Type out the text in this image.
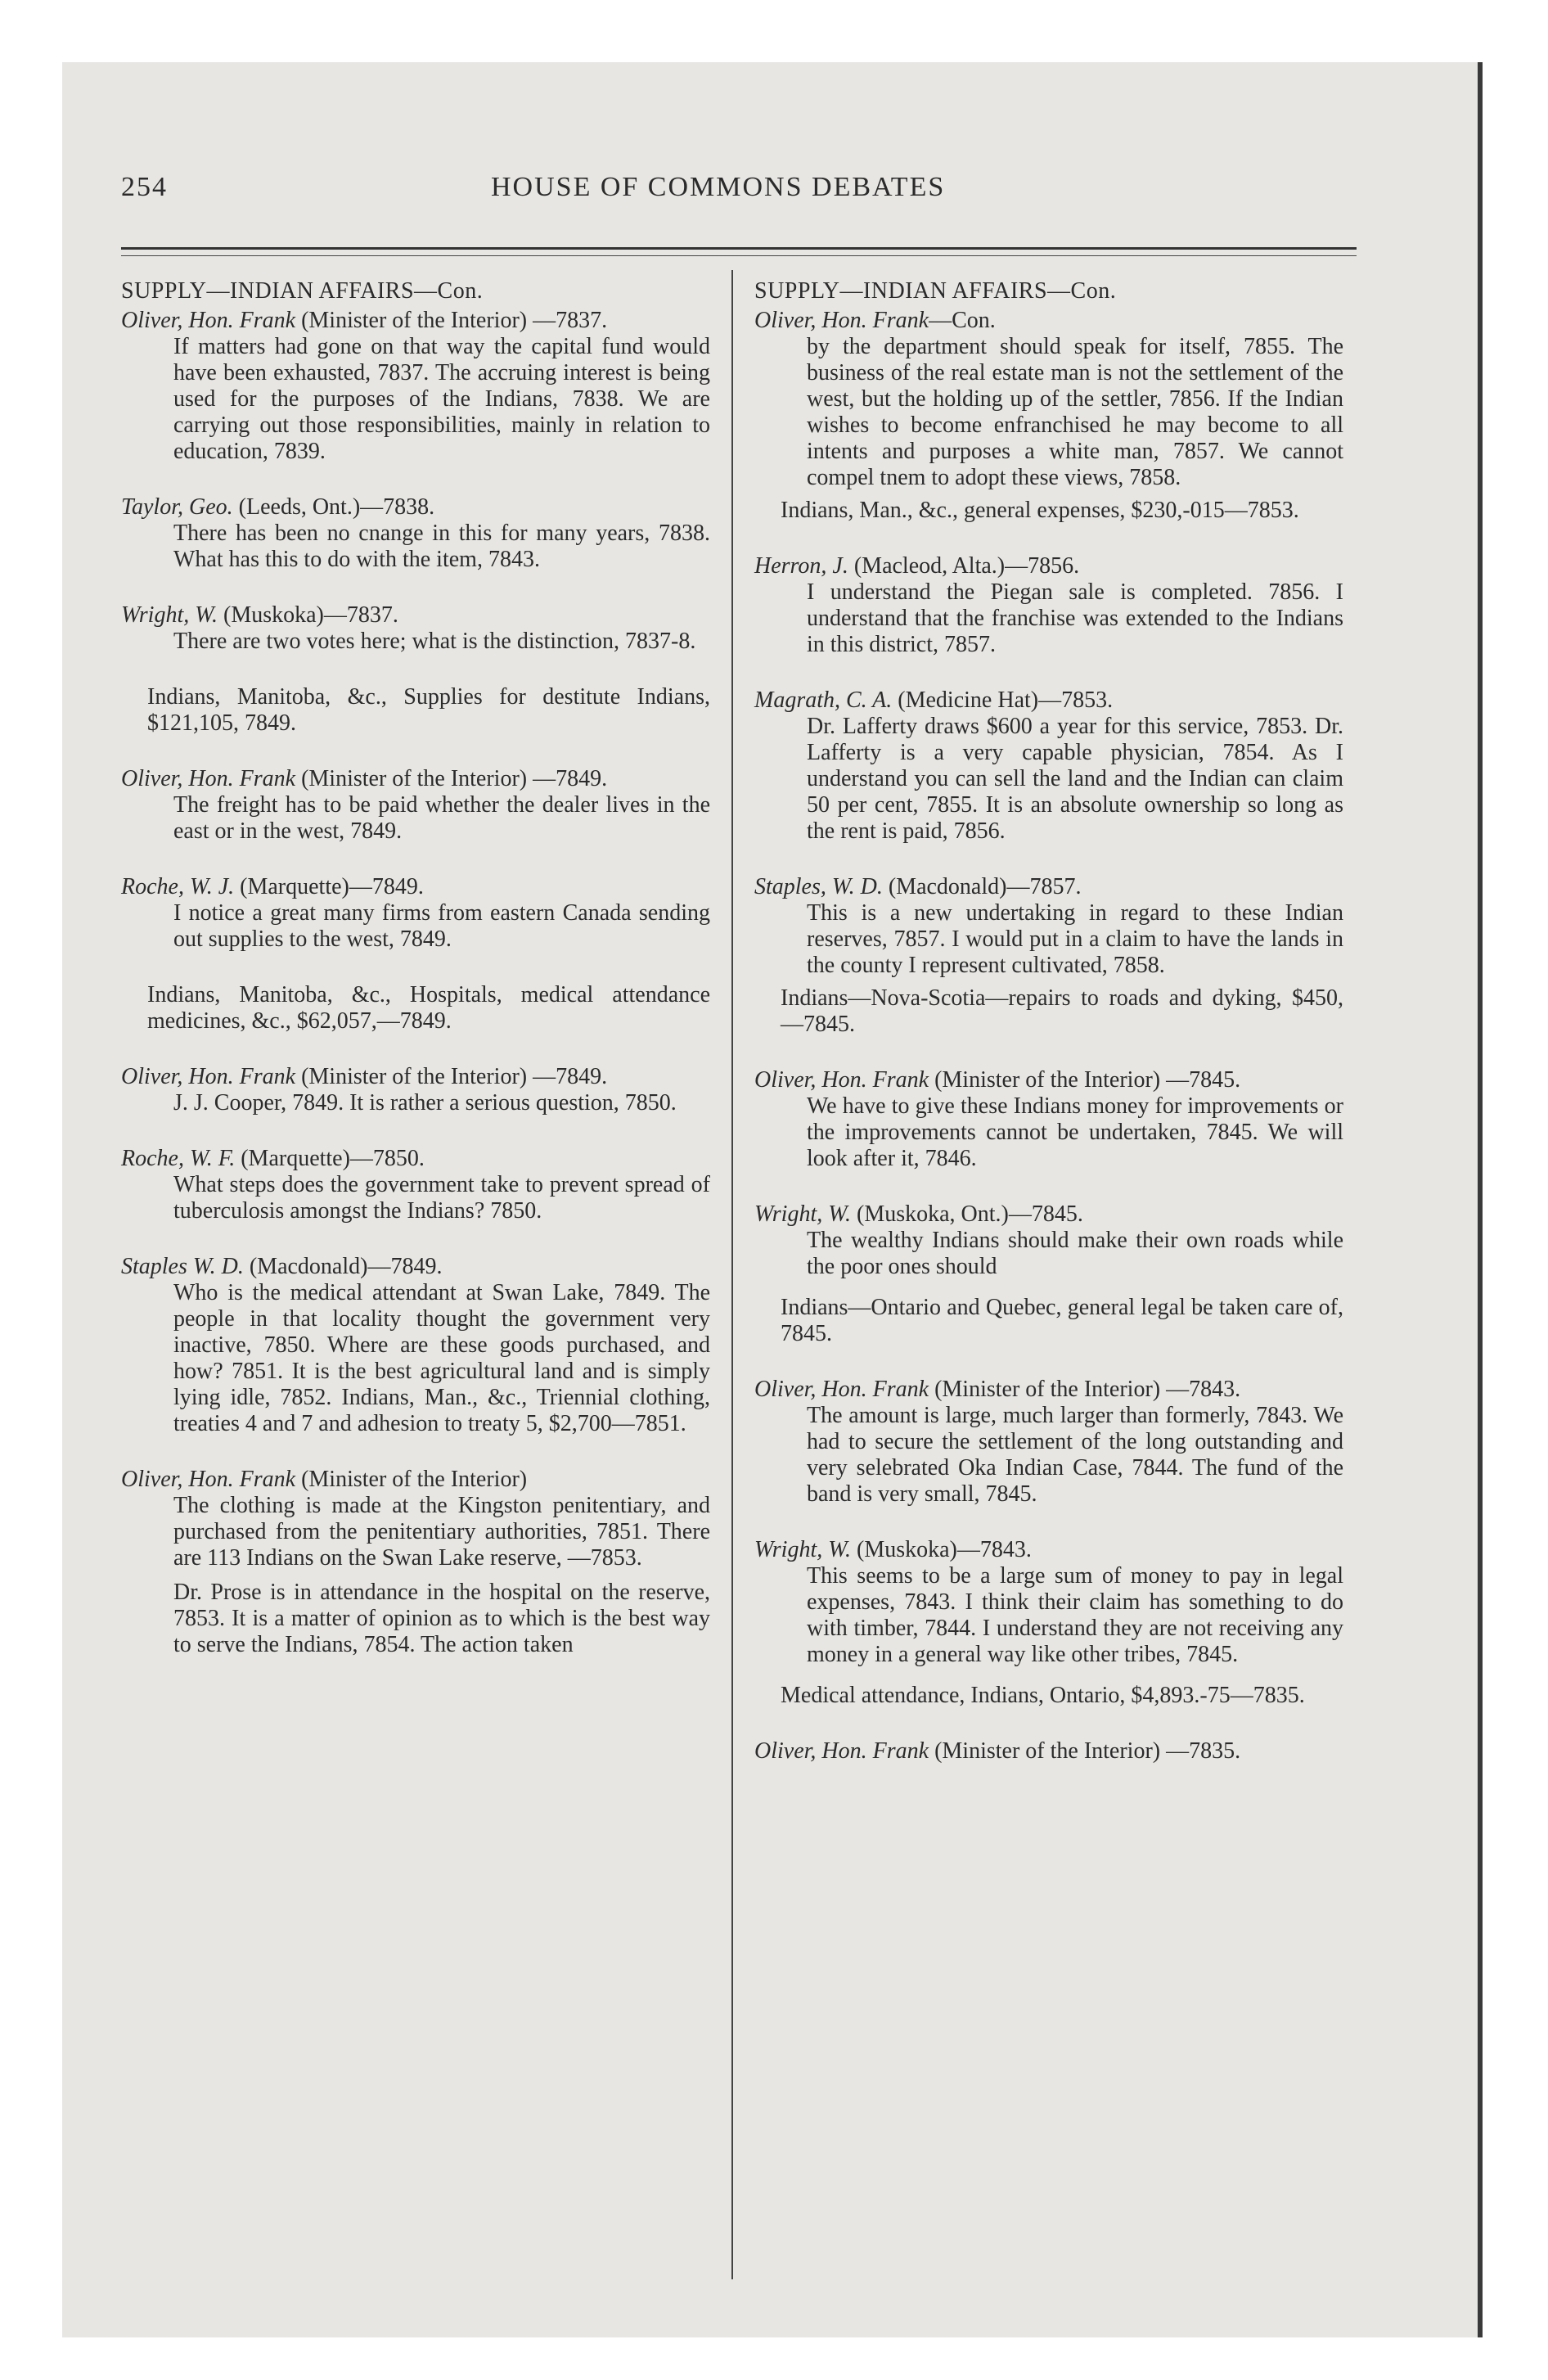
254	HOUSE OF COMMONS DEBATES
SUPPLY—INDIAN AFFAIRS—Con.
Oliver, Hon. Frank (Minister of the Interior) —7837.
If matters had gone on that way the capital fund would have been exhausted, 7837. The accruing interest is being used for the purposes of the Indians, 7838. We are carrying out those responsibilities, mainly in relation to education, 7839.
Taylor, Geo. (Leeds, Ont.)—7838.
There has been no cnange in this for many years, 7838. What has this to do with the item, 7843.
Wright, W. (Muskoka)—7837.
There are two votes here; what is the distinction, 7837-8.
Indians, Manitoba, &c., Supplies for destitute Indians, $121,105, 7849.
Oliver, Hon. Frank (Minister of the Interior) —7849.
The freight has to be paid whether the dealer lives in the east or in the west, 7849.
Roche, W. J. (Marquette)—7849.
I notice a great many firms from eastern Canada sending out supplies to the west, 7849.
Indians, Manitoba, &c., Hospitals, medical attendance medicines, &c., $62,057,—7849.
Oliver, Hon. Frank (Minister of the Interior) —7849.
J. J. Cooper, 7849. It is rather a serious question, 7850.
Roche, W. F. (Marquette)—7850.
What steps does the government take to prevent spread of tuberculosis amongst the Indians? 7850.
Staples W. D. (Macdonald)—7849.
Who is the medical attendant at Swan Lake, 7849. The people in that locality thought the government very inactive, 7850. Where are these goods purchased, and how? 7851. It is the best agricultural land and is simply lying idle, 7852. Indians, Man., &c., Triennial clothing, treaties 4 and 7 and adhesion to treaty 5, $2,700—7851.
Oliver, Hon. Frank (Minister of the Interior)
The clothing is made at the Kingston penitentiary, and purchased from the penitentiary authorities, 7851. There are 113 Indians on the Swan Lake reserve, —7853.
Dr. Prose is in attendance in the hospital on the reserve, 7853. It is a matter of opinion as to which is the best way to serve the Indians, 7854. The action taken
SUPPLY—INDIAN AFFAIRS—Con.
Oliver, Hon. Frank—Con.
by the department should speak for itself, 7855. The business of the real estate man is not the settlement of the west, but the holding up of the settler, 7856. If the Indian wishes to become enfranchised he may become to all intents and purposes a white man, 7857. We cannot compel tnem to adopt these views, 7858.
Indians, Man., &c., general expenses, $230,-015—7853.
Herron, J. (Macleod, Alta.)—7856.
I understand the Piegan sale is completed. 7856. I understand that the franchise was extended to the Indians in this district, 7857.
Magrath, C. A. (Medicine Hat)—7853.
Dr. Lafferty draws $600 a year for this service, 7853. Dr. Lafferty is a very capable physician, 7854. As I understand you can sell the land and the Indian can claim 50 per cent, 7855. It is an absolute ownership so long as the rent is paid, 7856.
Staples, W. D. (Macdonald)—7857.
This is a new undertaking in regard to these Indian reserves, 7857. I would put in a claim to have the lands in the county I represent cultivated, 7858.
Indians—Nova-Scotia—repairs to roads and dyking, $450,—7845.
Oliver, Hon. Frank (Minister of the Interior) —7845.
We have to give these Indians money for improvements or the improvements cannot be undertaken, 7845. We will look after it, 7846.
Wright, W. (Muskoka, Ont.)—7845.
The wealthy Indians should make their own roads while the poor ones should
Indians—Ontario and Quebec, general legal be taken care of, 7845.
Oliver, Hon. Frank (Minister of the Interior) —7843.
The amount is large, much larger than formerly, 7843. We had to secure the settlement of the long outstanding and very selebrated Oka Indian Case, 7844. The fund of the band is very small, 7845.
Wright, W. (Muskoka)—7843.
This seems to be a large sum of money to pay in legal expenses, 7843. I think their claim has something to do with timber, 7844. I understand they are not receiving any money in a general way like other tribes, 7845.
Medical attendance, Indians, Ontario, $4,893.-75—7835.
Oliver, Hon. Frank (Minister of the Interior) —7835.
